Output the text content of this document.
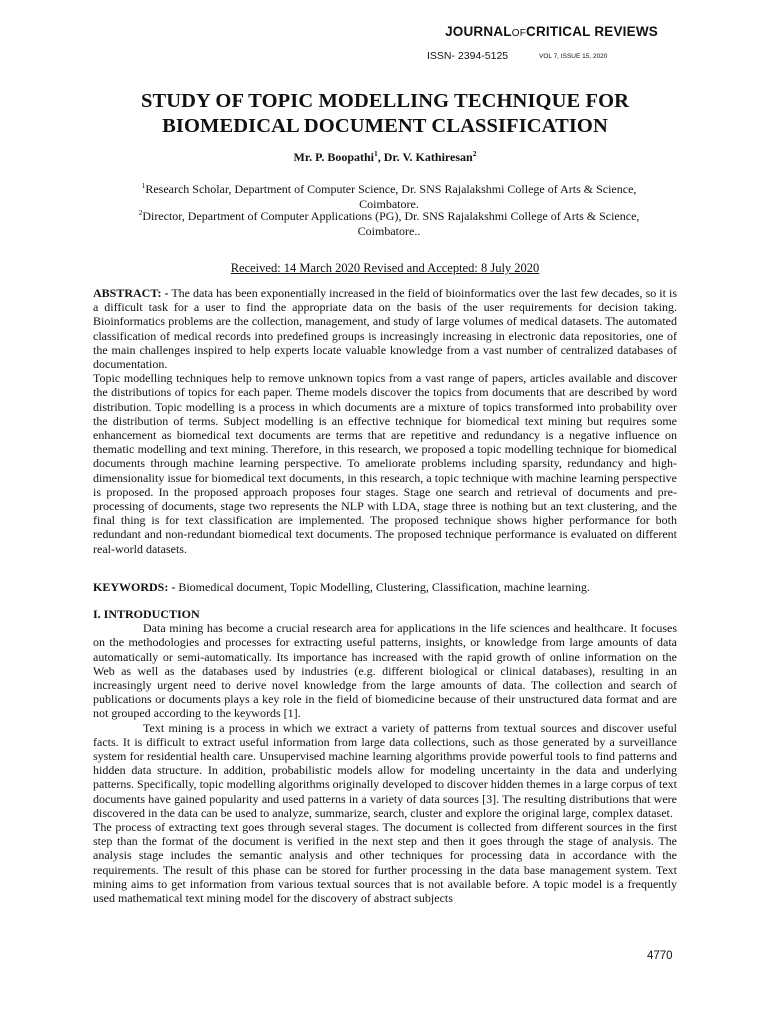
JOURNALOFCRITICAL REVIEWS
ISSN- 2394-5125	VOL 7, ISSUE 15, 2020
STUDY OF TOPIC MODELLING TECHNIQUE FOR
BIOMEDICAL DOCUMENT CLASSIFICATION
Mr. P. Boopathi$^1$, Dr. V. Kathiresan$^2$
$^1$Research Scholar, Department of Computer Science, Dr. SNS Rajalakshmi College of Arts & Science,
Coimbatore.
$^2$Director, Department of Computer Applications (PG), Dr. SNS Rajalakshmi College of Arts & Science,
Coimbatore..
Received: 14 March 2020 Revised and Accepted: 8 July 2020

ABSTRACT: - The data has been exponentially increased in the field of bioinformatics over the last few decades, so it is a difficult task for a user to find the appropriate data on the basis of the user requirements for decision taking. Bioinformatics problems are the collection, management, and study of large volumes of medical datasets. The automated classification of medical records into predefined groups is increasingly increasing in electronic data repositories, one of the main challenges inspired to help experts locate valuable knowledge from a vast number of centralized databases of documentation.

Topic modelling techniques help to remove unknown topics from a vast range of papers, articles available and discover the distributions of topics for each paper. Theme models discover the topics from documents that are described by word distribution. Topic modelling is a process in which documents are a mixture of topics transformed into probability over the distribution of terms. Subject modelling is an effective technique for biomedical text mining but requires some enhancement as biomedical text documents are terms that are repetitive and redundancy is a negative influence on thematic modelling and text mining. Therefore, in this research, we proposed a topic modelling technique for biomedical documents through machine learning perspective. To ameliorate problems including sparsity, redundancy and high-dimensionality issue for biomedical text documents, in this research, a topic technique with machine learning perspective is proposed. In the proposed approach proposes four stages. Stage one search and retrieval of documents and pre-processing of documents, stage two represents the NLP with LDA, stage three is nothing but an text clustering, and the final thing is for text classification are implemented. The proposed technique shows higher performance for both redundant and non-redundant biomedical text documents. The proposed technique performance is evaluated on different real-world datasets.

KEYWORDS: - Biomedical document, Topic Modelling, Clustering, Classification, machine learning.

I. INTRODUCTION

Data mining has become a crucial research area for applications in the life sciences and healthcare. It focuses on the methodologies and processes for extracting useful patterns, insights, or knowledge from large amounts of data automatically or semi-automatically. Its importance has increased with the rapid growth of online information on the Web as well as the databases used by industries (e.g. different biological or clinical databases), resulting in an increasingly urgent need to derive novel knowledge from the large amounts of data. The collection and search of publications or documents plays a key role in the field of biomedicine because of their unstructured data format and are not grouped according to the keywords [1].

Text mining is a process in which we extract a variety of patterns from textual sources and discover useful facts. It is difficult to extract useful information from large data collections, such as those generated by a surveillance system for residential health care. Unsupervised machine learning algorithms provide powerful tools to find patterns and hidden data structure. In addition, probabilistic models allow for modeling uncertainty in the data and underlying patterns. Specifically, topic modelling algorithms originally developed to discover hidden themes in a large corpus of text documents have gained popularity and used patterns in a variety of data sources [3]. The resulting distributions that were discovered in the data can be used to analyze, summarize, search, cluster and explore the original large, complex dataset.

The process of extracting text goes through several stages. The document is collected from different sources in the first step than the format of the document is verified in the next step and then it goes through the stage of analysis. The analysis stage includes the semantic analysis and other techniques for processing data in accordance with the requirements. The result of this phase can be stored for further processing in the data base management system. Text mining aims to get information from various textual sources that is not available before. A topic model is a frequently used mathematical text mining model for the discovery of abstract subjects

4770
